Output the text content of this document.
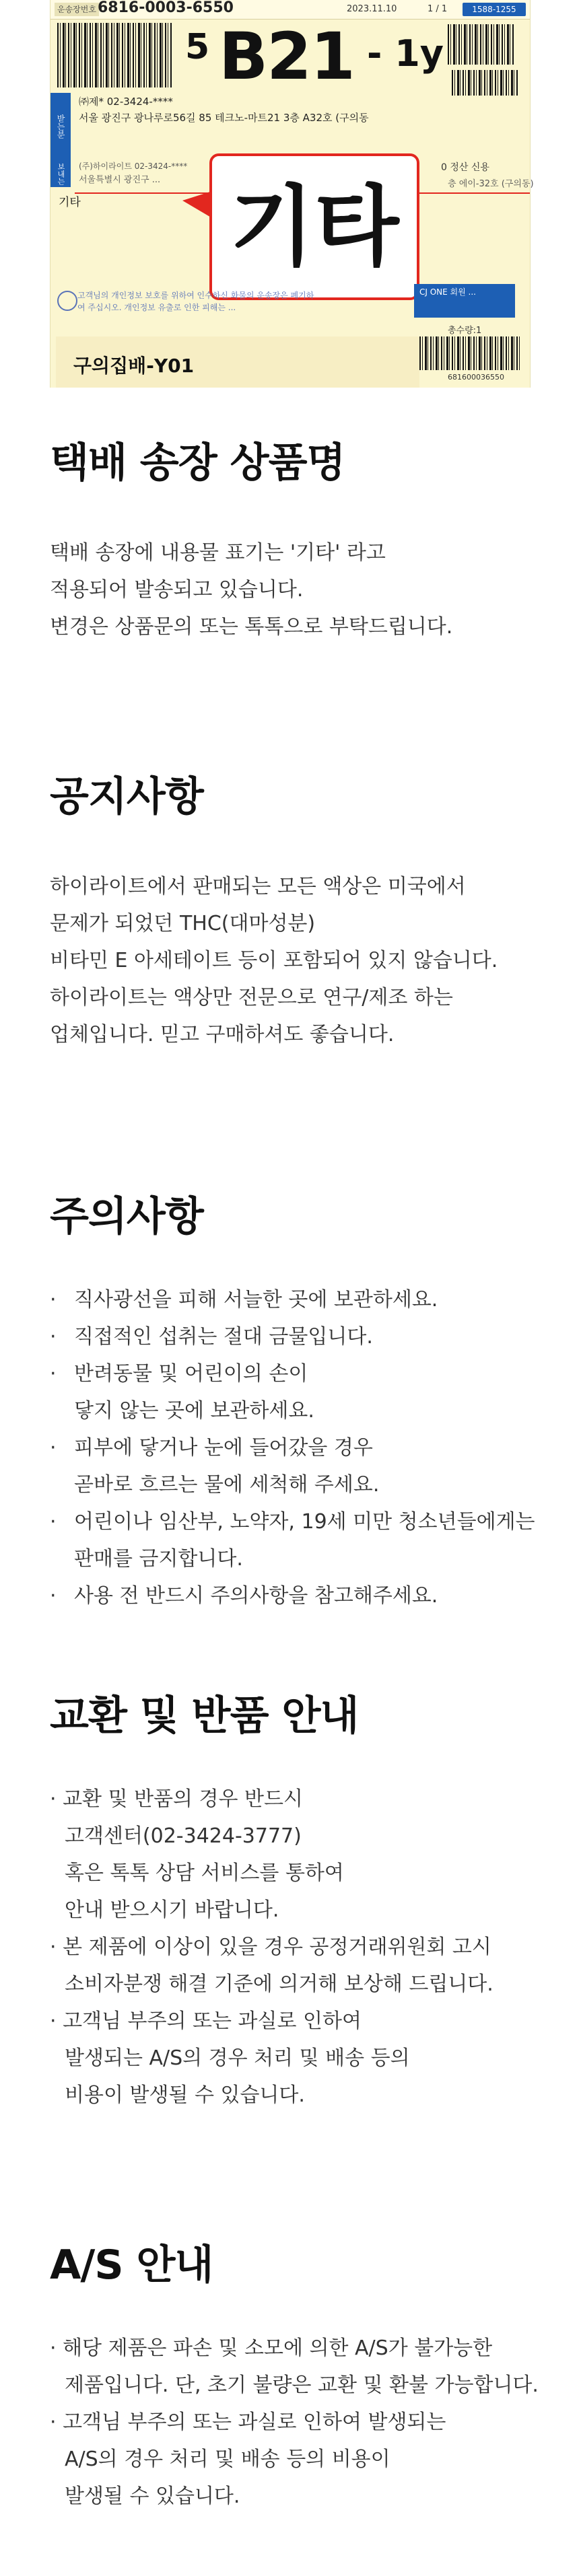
운송장번호 6816-0003-6550	2023.11.10	1 / 1	1588-1255
5 B21 - 1y
받는분
㈜제* 02-3424-****
서울 광진구 광나루로56길 85 테크노-마트21 3층 A32호 (구의동
보내는분
(주)하이라이트 02-3424-****
서울특별시 광진구 ...
0 정산 신용
층 에이-32호 (구의동)
기타 기타
고객님의 개인정보 보호를 위하여 인수하신 화물의 운송장은 폐기하여 주십시오. 개인정보 유출로 인한 피해는 ...
CJ ONE 회원 ...
총수량:1
구의집배-Y01
681600036550
택배 송장 상품명

택배 송장에 내용물 표기는 '기타' 라고

적용되어 발송되고 있습니다.

변경은 상품문의 또는 톡톡으로 부탁드립니다.

공지사항

하이라이트에서 판매되는 모든 액상은 미국에서

문제가 되었던 THC(대마성분)

비타민 E 아세테이트 등이 포함되어 있지 않습니다.

하이라이트는 액상만 전문으로 연구/제조 하는

업체입니다. 믿고 구매하셔도 좋습니다.

주의사항
· 직사광선을 피해 서늘한 곳에 보관하세요.
· 직접적인 섭취는 절대 금물입니다.
· 반려동물 및 어린이의 손이
닿지 않는 곳에 보관하세요.
· 피부에 닿거나 눈에 들어갔을 경우
곧바로 흐르는 물에 세척해 주세요.
· 어린이나 임산부, 노약자, 19세 미만 청소년들에게는
판매를 금지합니다.
· 사용 전 반드시 주의사항을 참고해주세요.
교환 및 반품 안내

· 교환 및 반품의 경우 반드시

고객센터(02-3424-3777)

혹은 톡톡 상담 서비스를 통하여

안내 받으시기 바랍니다.

· 본 제품에 이상이 있을 경우 공정거래위원회 고시

소비자분쟁 해결 기준에 의거해 보상해 드립니다.

· 고객님 부주의 또는 과실로 인하여

발생되는 A/S의 경우 처리 및 배송 등의

비용이 발생될 수 있습니다.

A/S 안내

· 해당 제품은 파손 및 소모에 의한 A/S가 불가능한

제품입니다. 단, 초기 불량은 교환 및 환불 가능합니다.

· 고객님 부주의 또는 과실로 인하여 발생되는

A/S의 경우 처리 및 배송 등의 비용이

발생될 수 있습니다.
